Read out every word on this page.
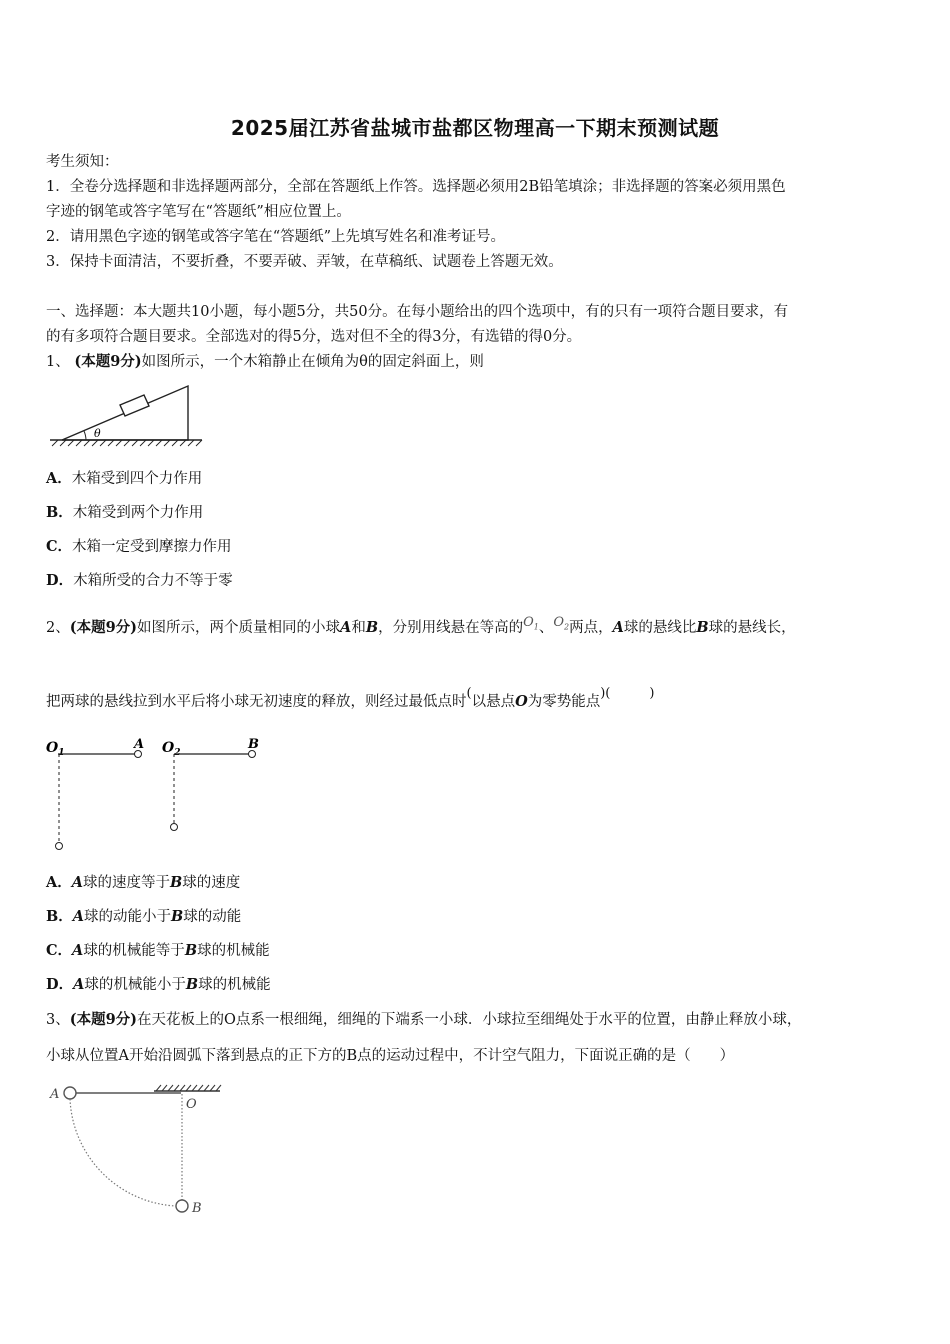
2025届江苏省盐城市盐都区物理高一下期末预测试题
考生须知：
1．全卷分选择题和非选择题两部分，全部在答题纸上作答。选择题必须用2B铅笔填涂；非选择题的答案必须用黑色
字迹的钢笔或答字笔写在“答题纸”相应位置上。
2．请用黑色字迹的钢笔或答字笔在“答题纸”上先填写姓名和准考证号。
3．保持卡面清洁，不要折叠，不要弄破、弄皱，在草稿纸、试题卷上答题无效。
一、选择题：本大题共10小题，每小题5分，共50分。在每小题给出的四个选项中，有的只有一项符合题目要求，有
的有多项符合题目要求。全部选对的得5分，选对但不全的得3分，有选错的得0分。
1、 (本题9分)如图所示，一个木箱静止在倾角为θ的固定斜面上，则
θ
A．木箱受到四个力作用
B．木箱受到两个力作用
C．木箱一定受到摩擦力作用
D．木箱所受的合力不等于零
2、(本题9分)如图所示，两个质量相同的小球A和B，分别用线悬在等高的$O_1$、$O_2$两点，A球的悬线比B球的悬线长，
把两球的悬线拉到水平后将小球无初速度的释放，则经过最低点时(以悬点O为零势能点)(　　　)
$O_1$
A $O_2$
B
A．A球的速度等于B球的速度
B．A球的动能小于B球的动能
C．A球的机械能等于B球的机械能
D．A球的机械能小于B球的机械能
3、(本题9分)在天花板上的O点系一根细绳，细绳的下端系一小球．小球拉至细绳处于水平的位置，由静止释放小球，
小球从位置A开始沿圆弧下落到悬点的正下方的B点的运动过程中，不计空气阻力，下面说正确的是（　　）
A
O
B
